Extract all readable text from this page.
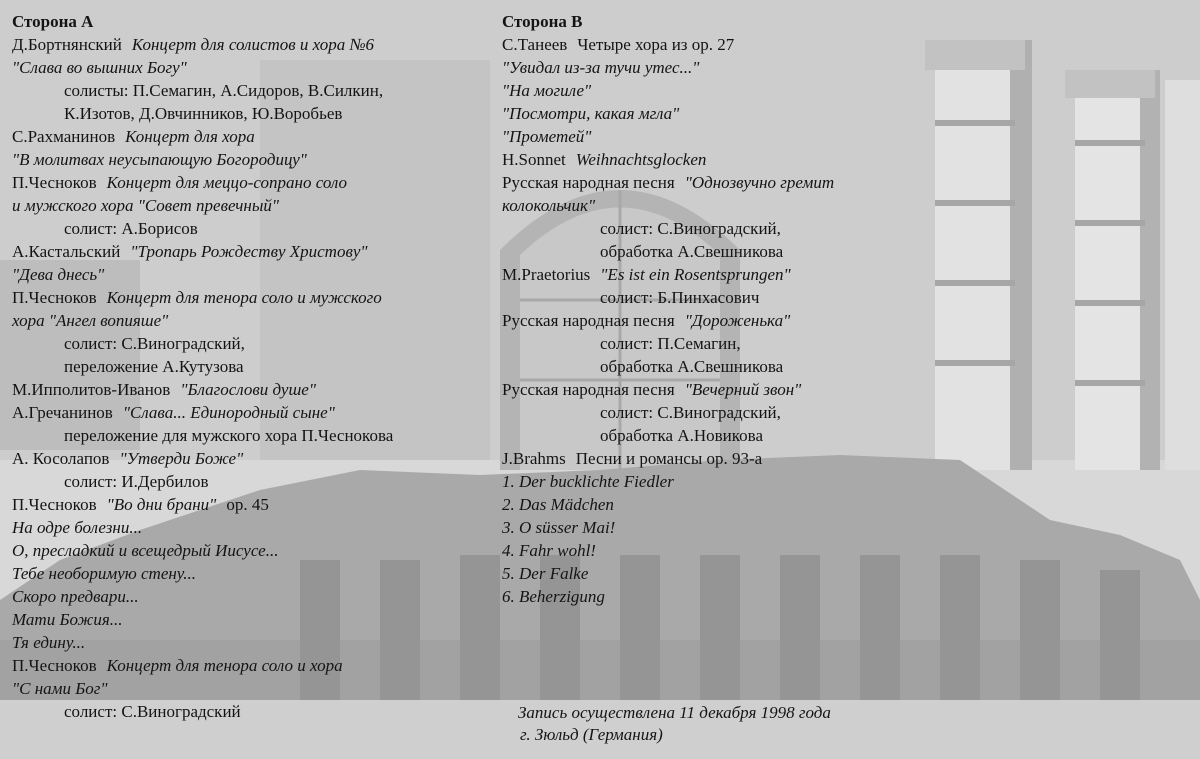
Сторона А
Д.Бортнянский Концерт для солистов и хора №6
"Слава во вышних Богу"
солисты: П.Семагин, А.Сидоров, В.Силкин,
К.Изотов, Д.Овчинников, Ю.Воробьев
С.Рахманинов Концерт для хора
"В молитвах неусыпающую Богородицу"
П.Чесноков Концерт для меццо-сопрано соло
и мужского хора "Совет превечный"
солист: А.Борисов
А.Кастальский "Тропарь Рождеству Христову"
"Дева днесь"
П.Чесноков Концерт для тенора соло и мужского
хора "Ангел вопияше"
солист: С.Виноградский,
переложение А.Кутузова
М.Ипполитов-Иванов "Благослови душе"
А.Гречанинов "Слава... Единородный сыне"
переложение для мужского хора П.Чеснокова
А. Косолапов "Утверди Боже"
солист: И.Дербилов
П.Чесноков "Во дни брани" ор. 45
На одре болезни...
О, пресладкий и всещедрый Иисусе...
Тебе необоримую стену...
Скоро предвари...
Мати Божия...
Тя едину...
П.Чесноков Концерт для тенора соло и хора
"С нами Бог"
солист: С.Виноградский
Сторона В
С.Танеев Четыре хора из ор. 27
"Увидал из-за тучи утес..."
"На могиле"
"Посмотри, какая мгла"
"Прометей"
H.Sonnet Weihnachtsglocken
Русская народная песня "Однозвучно гремит
колокольчик"
солист: С.Виноградский,
обработка А.Свешникова
M.Praetorius "Es ist ein Rosentsprungen"
солист: Б.Пинхасович
Русская народная песня "Дороженька"
солист: П.Семагин,
обработка А.Свешникова
Русская народная песня "Вечерний звон"
солист: С.Виноградский,
обработка А.Новикова
J.Brahms Песни и романсы ор. 93-а
1. Der bucklichte Fiedler
2. Das Mädchen
3. O süsser Mai!
4. Fahr wohl!
5. Der Falke
6. Beherzigung
Запись осуществлена 11 декабря 1998 года
г. Зюльд (Германия)
